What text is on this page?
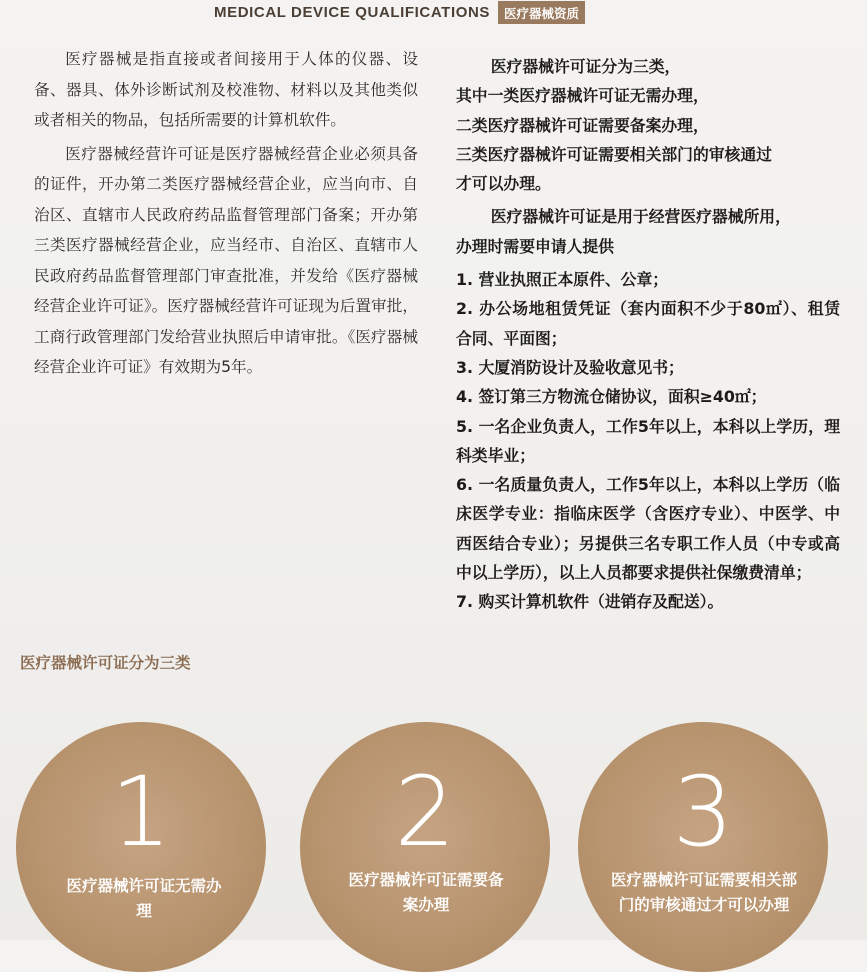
MEDICAL DEVICE QUALIFICATIONS	医疗器械资质

医疗器械是指直接或者间接用于人体的仪器、设备、器具、体外诊断试剂及校准物、材料以及其他类似或者相关的物品，包括所需要的计算机软件。

医疗器械经营许可证是医疗器械经营企业必须具备的证件，开办第二类医疗器械经营企业，应当向市、自治区、直辖市人民政府药品监督管理部门备案；开办第三类医疗器械经营企业，应当经市、自治区、直辖市人民政府药品监督管理部门审查批准，并发给《医疗器械经营企业许可证》。医疗器械经营许可证现为后置审批，工商行政管理部门发给营业执照后申请审批。《医疗器械经营企业许可证》有效期为5年。

医疗器械许可证分为三类，
其中一类医疗器械许可证无需办理，
二类医疗器械许可证需要备案办理，
三类医疗器械许可证需要相关部门的审核通过
才可以办理。
医疗器械许可证是用于经营医疗器械所用，
办理时需要申请人提供
1. 营业执照正本原件、公章；
2. 办公场地租赁凭证（套内面积不少于80㎡）、租赁合同、平面图；
3. 大厦消防设计及验收意见书；
4. 签订第三方物流仓储协议，面积≥40㎡；
5. 一名企业负责人，工作5年以上，本科以上学历，理科类毕业；
6. 一名质量负责人，工作5年以上，本科以上学历（临床医学专业：指临床医学（含医疗专业）、中医学、中西医结合专业）；另提供三名专职工作人员（中专或高中以上学历），以上人员都要求提供社保缴费清单；
7. 购买计算机软件（进销存及配送）。
医疗器械许可证分为三类
1
医疗器械许可证无需办理
2
医疗器械许可证需要备案办理
3
医疗器械许可证需要相关部门的审核通过才可以办理
